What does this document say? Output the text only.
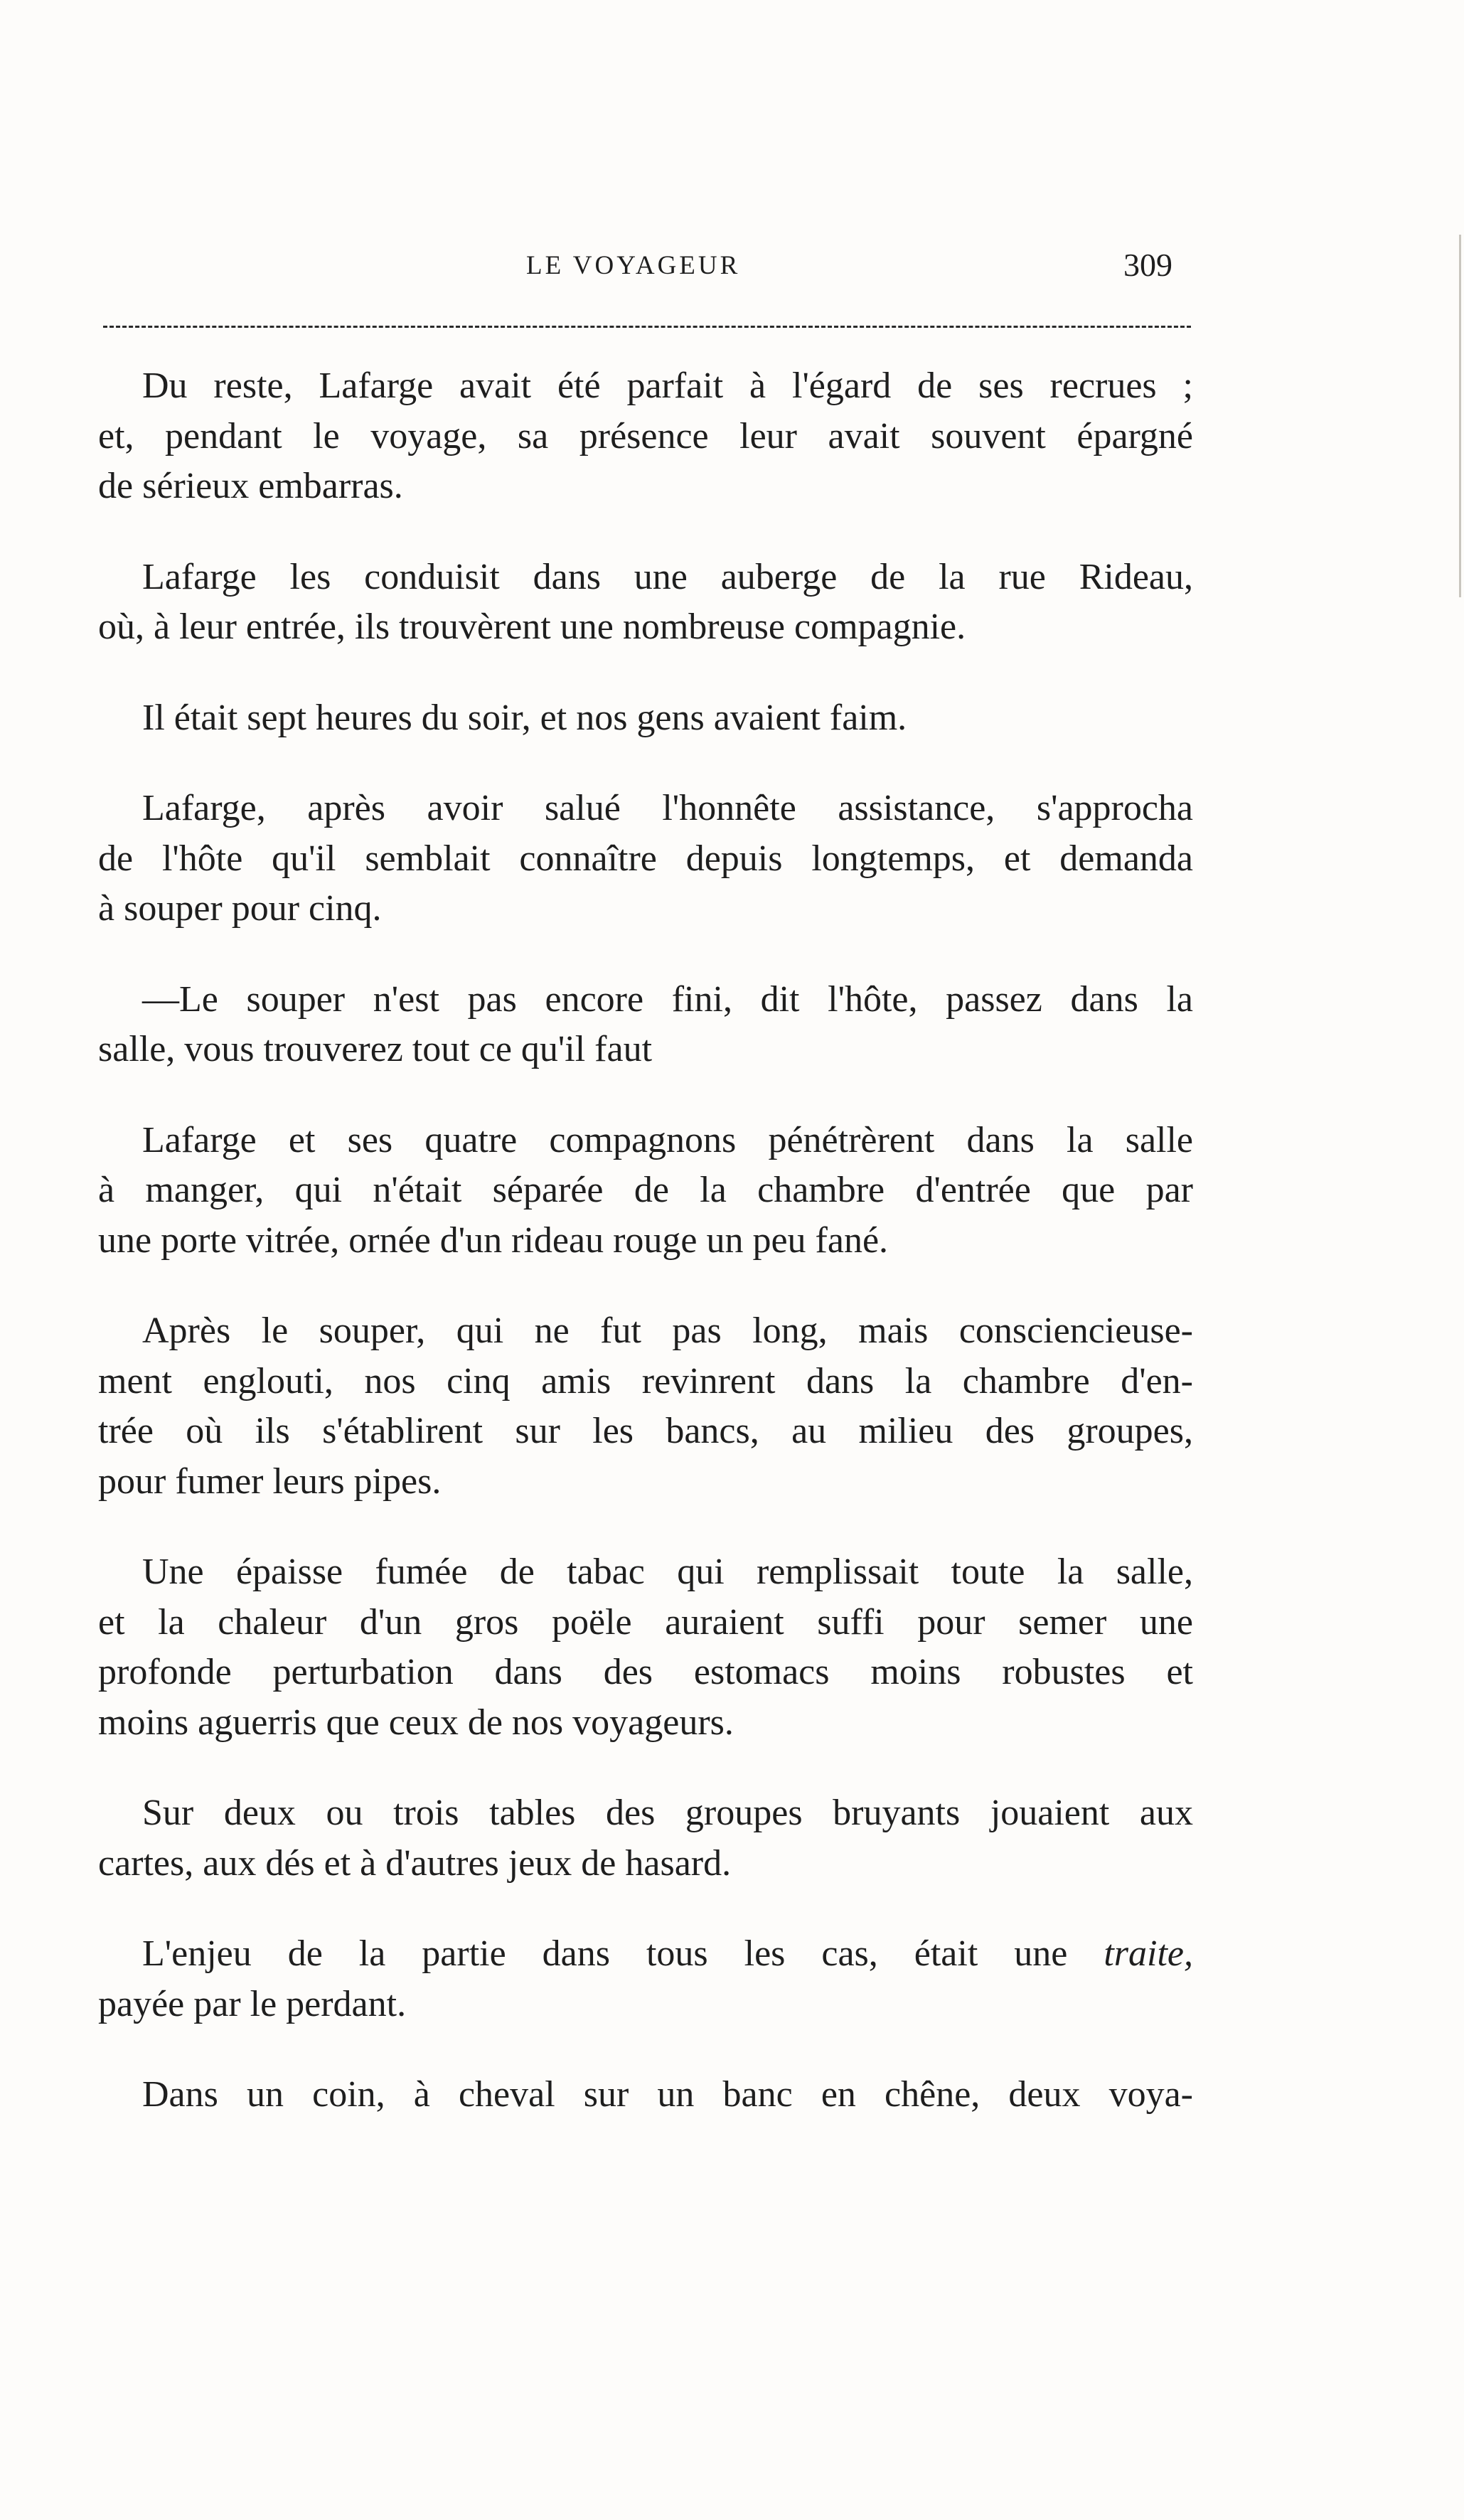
LE VOYAGEUR	309
Du reste, Lafarge avait été parfait à l'égard de ses recrues ;
et, pendant le voyage, sa présence leur avait souvent épargné
de sérieux embarras.
Lafarge les conduisit dans une auberge de la rue Rideau,
où, à leur entrée, ils trouvèrent une nombreuse compagnie.
Il était sept heures du soir, et nos gens avaient faim.
Lafarge, après avoir salué l'honnête assistance, s'approcha
de l'hôte qu'il semblait connaître depuis longtemps, et demanda
à souper pour cinq.
—Le souper n'est pas encore fini, dit l'hôte, passez dans la
salle, vous trouverez tout ce qu'il faut
Lafarge et ses quatre compagnons pénétrèrent dans la salle
à manger, qui n'était séparée de la chambre d'entrée que par
une porte vitrée, ornée d'un rideau rouge un peu fané.
Après le souper, qui ne fut pas long, mais consciencieuse-
ment englouti, nos cinq amis revinrent dans la chambre d'en-
trée où ils s'établirent sur les bancs, au milieu des groupes,
pour fumer leurs pipes.
Une épaisse fumée de tabac qui remplissait toute la salle,
et la chaleur d'un gros poële auraient suffi pour semer une
profonde perturbation dans des estomacs moins robustes et
moins aguerris que ceux de nos voyageurs.
Sur deux ou trois tables des groupes bruyants jouaient aux
cartes, aux dés et à d'autres jeux de hasard.
L'enjeu de la partie dans tous les cas, était une traite,
payée par le perdant.
Dans un coin, à cheval sur un banc en chêne, deux voya-
